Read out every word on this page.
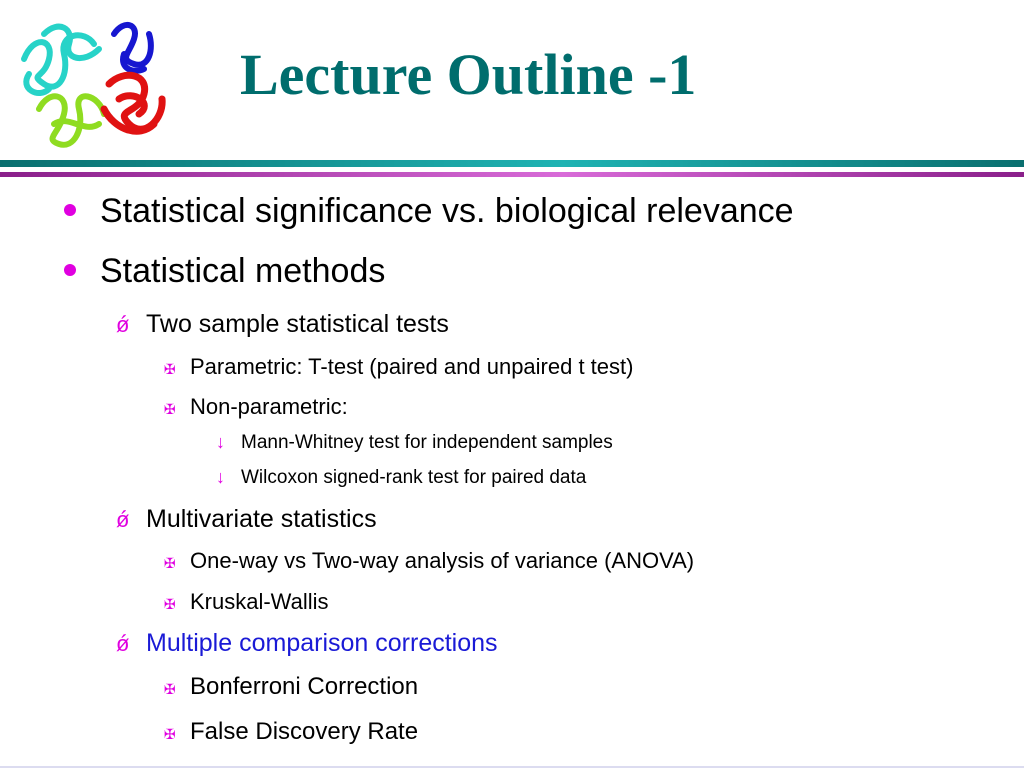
Lecture Outline -1
Statistical significance vs. biological relevance
Statistical methods
ǿ Two sample statistical tests
✠ Parametric: T-test (paired and unpaired t test)
✠ Non-parametric:
↓ Mann-Whitney test for independent samples
↓ Wilcoxon signed-rank test for paired data
ǿ Multivariate statistics
✠ One-way vs Two-way analysis of variance (ANOVA)
✠ Kruskal-Wallis
ǿ Multiple comparison corrections
✠ Bonferroni Correction
✠ False Discovery Rate
